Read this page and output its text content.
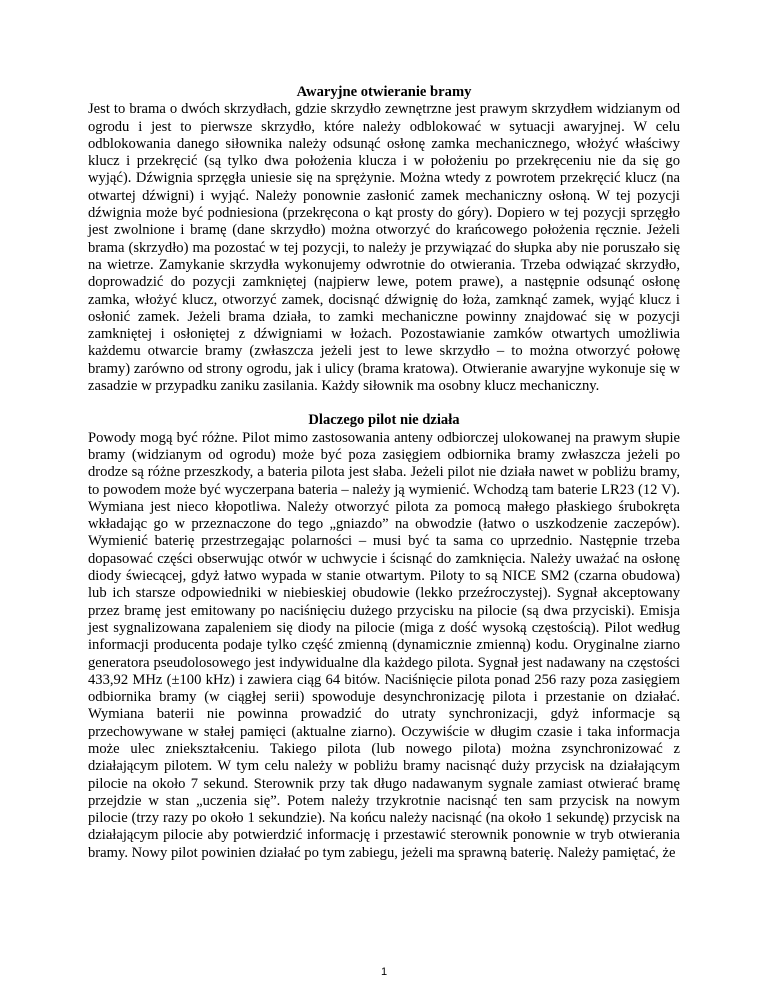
Awaryjne otwieranie bramy

Jest to brama o dwóch skrzydłach, gdzie skrzydło zewnętrzne jest prawym skrzydłem widzianym od ogrodu i jest to pierwsze skrzydło, które należy odblokować w sytuacji awaryjnej. W celu odblokowania danego siłownika należy odsunąć osłonę zamka mechanicznego, włożyć właściwy klucz i przekręcić (są tylko dwa położenia klucza i w położeniu po przekręceniu nie da się go wyjąć). Dźwignia sprzęgła uniesie się na sprężynie. Można wtedy z powrotem przekręcić klucz (na otwartej dźwigni) i wyjąć. Należy ponownie zasłonić zamek mechaniczny osłoną. W tej pozycji dźwignia może być podniesiona (przekręcona o kąt prosty do góry). Dopiero w tej pozycji sprzęgło jest zwolnione i bramę (dane skrzydło) można otworzyć do krańcowego położenia ręcznie. Jeżeli brama (skrzydło) ma pozostać w tej pozycji, to należy je przywiązać do słupka aby nie poruszało się na wietrze. Zamykanie skrzydła wykonujemy odwrotnie do otwierania. Trzeba odwiązać skrzydło, doprowadzić do pozycji zamkniętej (najpierw lewe, potem prawe), a następnie odsunąć osłonę zamka, włożyć klucz, otworzyć zamek, docisnąć dźwignię do łoża, zamknąć zamek, wyjąć klucz i osłonić zamek. Jeżeli brama działa, to zamki mechaniczne powinny znajdować się w pozycji zamkniętej i osłoniętej z dźwigniami w łożach. Pozostawianie zamków otwartych umożliwia każdemu otwarcie bramy (zwłaszcza jeżeli jest to lewe skrzydło – to można otworzyć połowę bramy) zarówno od strony ogrodu, jak i ulicy (brama kratowa). Otwieranie awaryjne wykonuje się w zasadzie w przypadku zaniku zasilania. Każdy siłownik ma osobny klucz mechaniczny.

Dlaczego pilot nie działa

Powody mogą być różne. Pilot mimo zastosowania anteny odbiorczej ulokowanej na prawym słupie bramy (widzianym od ogrodu) może być poza zasięgiem odbiornika bramy zwłaszcza jeżeli po drodze są różne przeszkody, a bateria pilota jest słaba. Jeżeli pilot nie działa nawet w pobliżu bramy, to powodem może być wyczerpana bateria – należy ją wymienić. Wchodzą tam baterie LR23 (12 V). Wymiana jest nieco kłopotliwa. Należy otworzyć pilota za pomocą małego płaskiego śrubokręta wkładając go w przeznaczone do tego „gniazdo” na obwodzie (łatwo o uszkodzenie zaczepów). Wymienić baterię przestrzegając polarności – musi być ta sama co uprzednio. Następnie trzeba dopasować części obserwując otwór w uchwycie i ścisnąć do zamknięcia. Należy uważać na osłonę diody świecącej, gdyż łatwo wypada w stanie otwartym. Piloty to są NICE SM2 (czarna obudowa) lub ich starsze odpowiedniki w niebieskiej obudowie (lekko przeźroczystej). Sygnał akceptowany przez bramę jest emitowany po naciśnięciu dużego przycisku na pilocie (są dwa przyciski). Emisja jest sygnalizowana zapaleniem się diody na pilocie (miga z dość wysoką częstością). Pilot według informacji producenta podaje tylko część zmienną (dynamicznie zmienną) kodu. Oryginalne ziarno generatora pseudolosowego jest indywidualne dla każdego pilota. Sygnał jest nadawany na częstości 433,92 MHz (±100 kHz) i zawiera ciąg 64 bitów. Naciśnięcie pilota ponad 256 razy poza zasięgiem odbiornika bramy (w ciągłej serii) spowoduje desynchronizację pilota i przestanie on działać. Wymiana baterii nie powinna prowadzić do utraty synchronizacji, gdyż informacje są przechowywane w stałej pamięci (aktualne ziarno). Oczywiście w długim czasie i taka informacja może ulec zniekształceniu. Takiego pilota (lub nowego pilota) można zsynchronizować z działającym pilotem. W tym celu należy w pobliżu bramy nacisnąć duży przycisk na działającym pilocie na około 7 sekund. Sterownik przy tak długo nadawanym sygnale zamiast otwierać bramę przejdzie w stan „uczenia się”. Potem należy trzykrotnie nacisnąć ten sam przycisk na nowym pilocie (trzy razy po około 1 sekundzie). Na końcu należy nacisnąć (na około 1 sekundę) przycisk na działającym pilocie aby potwierdzić informację i przestawić sterownik ponownie w tryb otwierania bramy. Nowy pilot powinien działać po tym zabiegu, jeżeli ma sprawną baterię. Należy pamiętać, że

1
